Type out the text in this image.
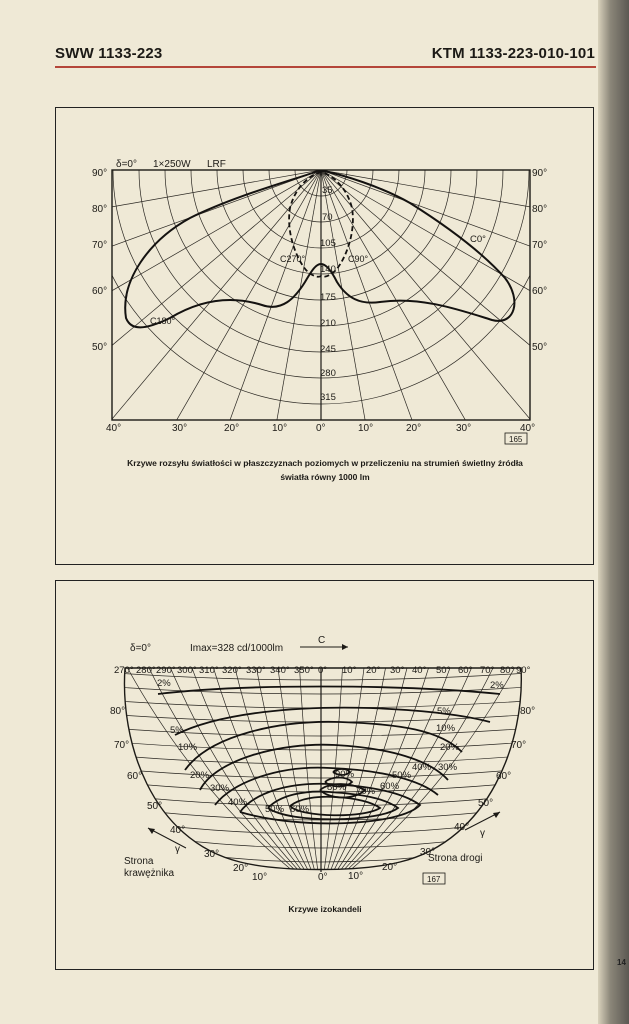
14
SWW 1133-223	KTM 1133-223-010-101
δ=0° 1×250W LRF
90°
80°
70°
60°
50°
90°
80°
70°
60°
50°
40°	30°	20°	10°	0°	10°	20°	30°	40°
35
70
105
140
175
210
245
280
315
C0°
C90°
C180°
C270°
165
Krzywe rozsyłu światłości w płaszczyznach poziomych w przeliczeniu na strumień świetlny źródła
światła równy 1000 lm
δ=0°	Imax=328 cd/1000lm
C
270° 280° 290° 300° 310° 320° 330° 340° 350° 0° 10° 20° 30° 40° 50° 60° 70° 80° 90°
80°
70°
60°
50°
40°
30°
20°
10°
80°
70°
60°
50°
40°
30°
20°
10°
0°
2%	2%
5%
5%
10%
10%
20%
20%
30%
30%
40%
40%
50%
50%
60%
60%
70%
80%
90%
Strona
krawężnika
Strona drogi
γ
γ
167
Krzywe izokandeli
